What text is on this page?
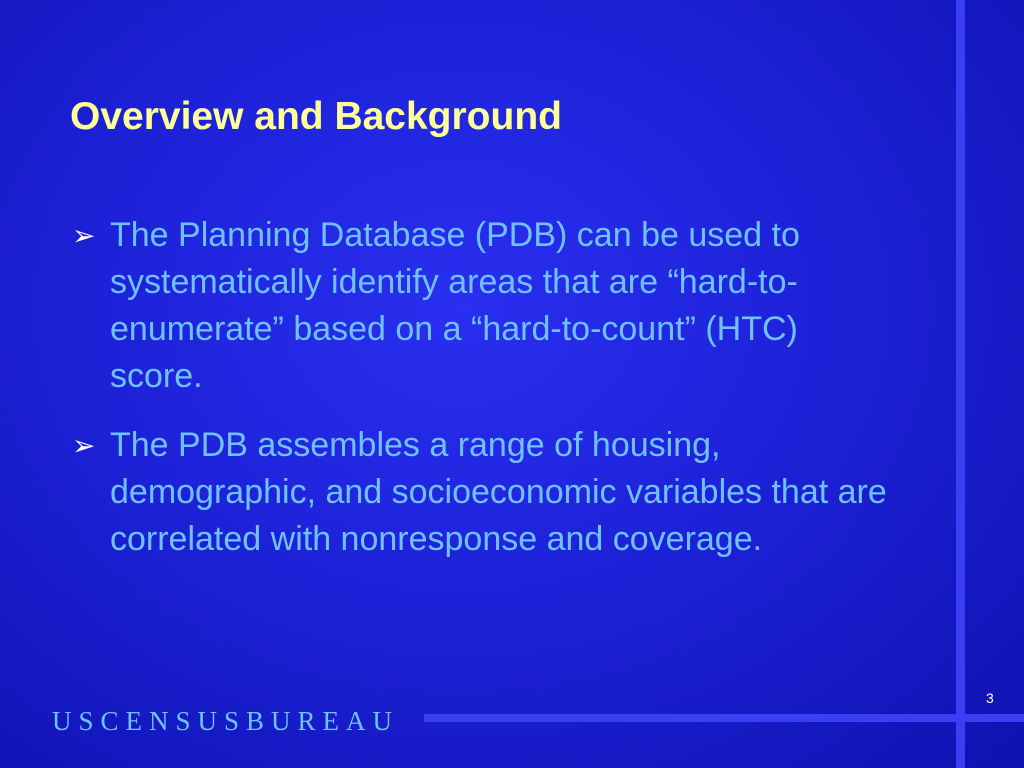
Overview and Background
➢ The Planning Database (PDB) can be used to systematically identify areas that are “hard-to-enumerate” based on a “hard-to-count” (HTC) score.
➢ The PDB assembles a range of housing, demographic, and socioeconomic variables that are correlated with nonresponse and coverage.
3
USCENSUSBUREAU
